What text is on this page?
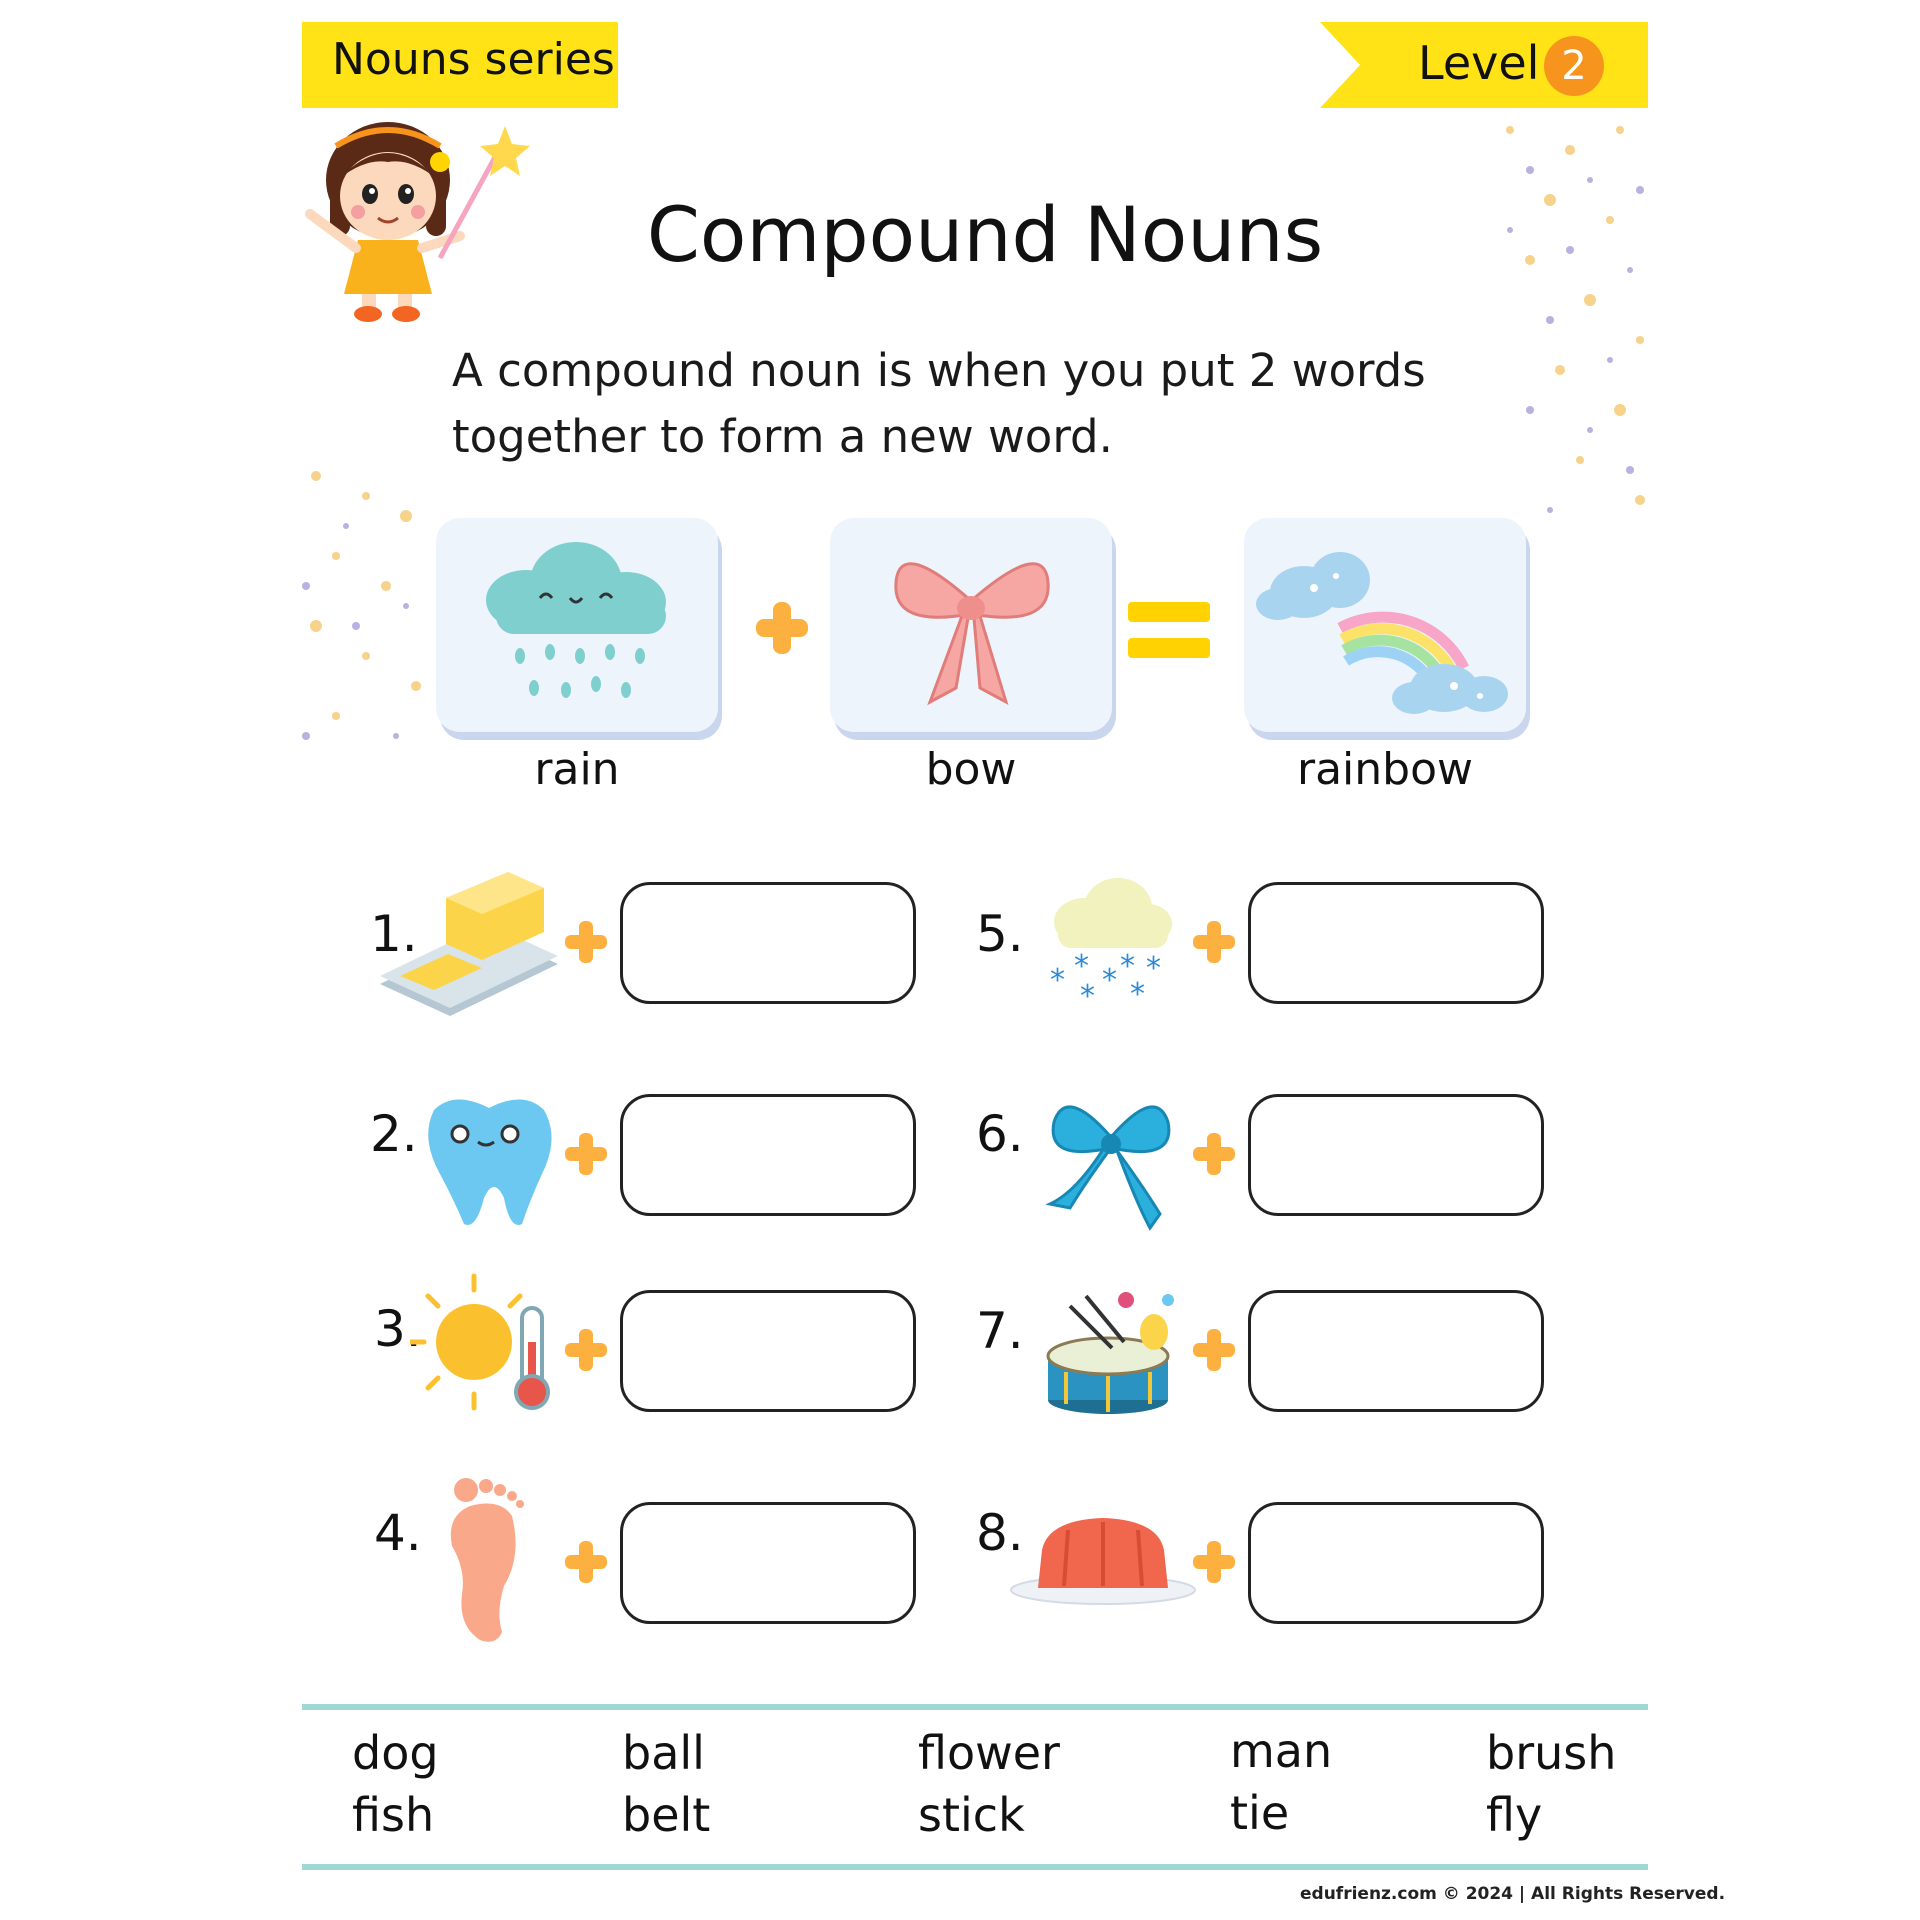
Nouns series	Level 2
Compound Nouns
A compound noun is when you put 2 words together to form a new word.
rain	bow	rainbow
1.
2.
3.
4.
5.
* * * * *
* *
6.
7.
8.
dog
fish
ball
belt
flower
stick
man
tie
brush
fly
edufrienz.com © 2024 | All Rights Reserved.
